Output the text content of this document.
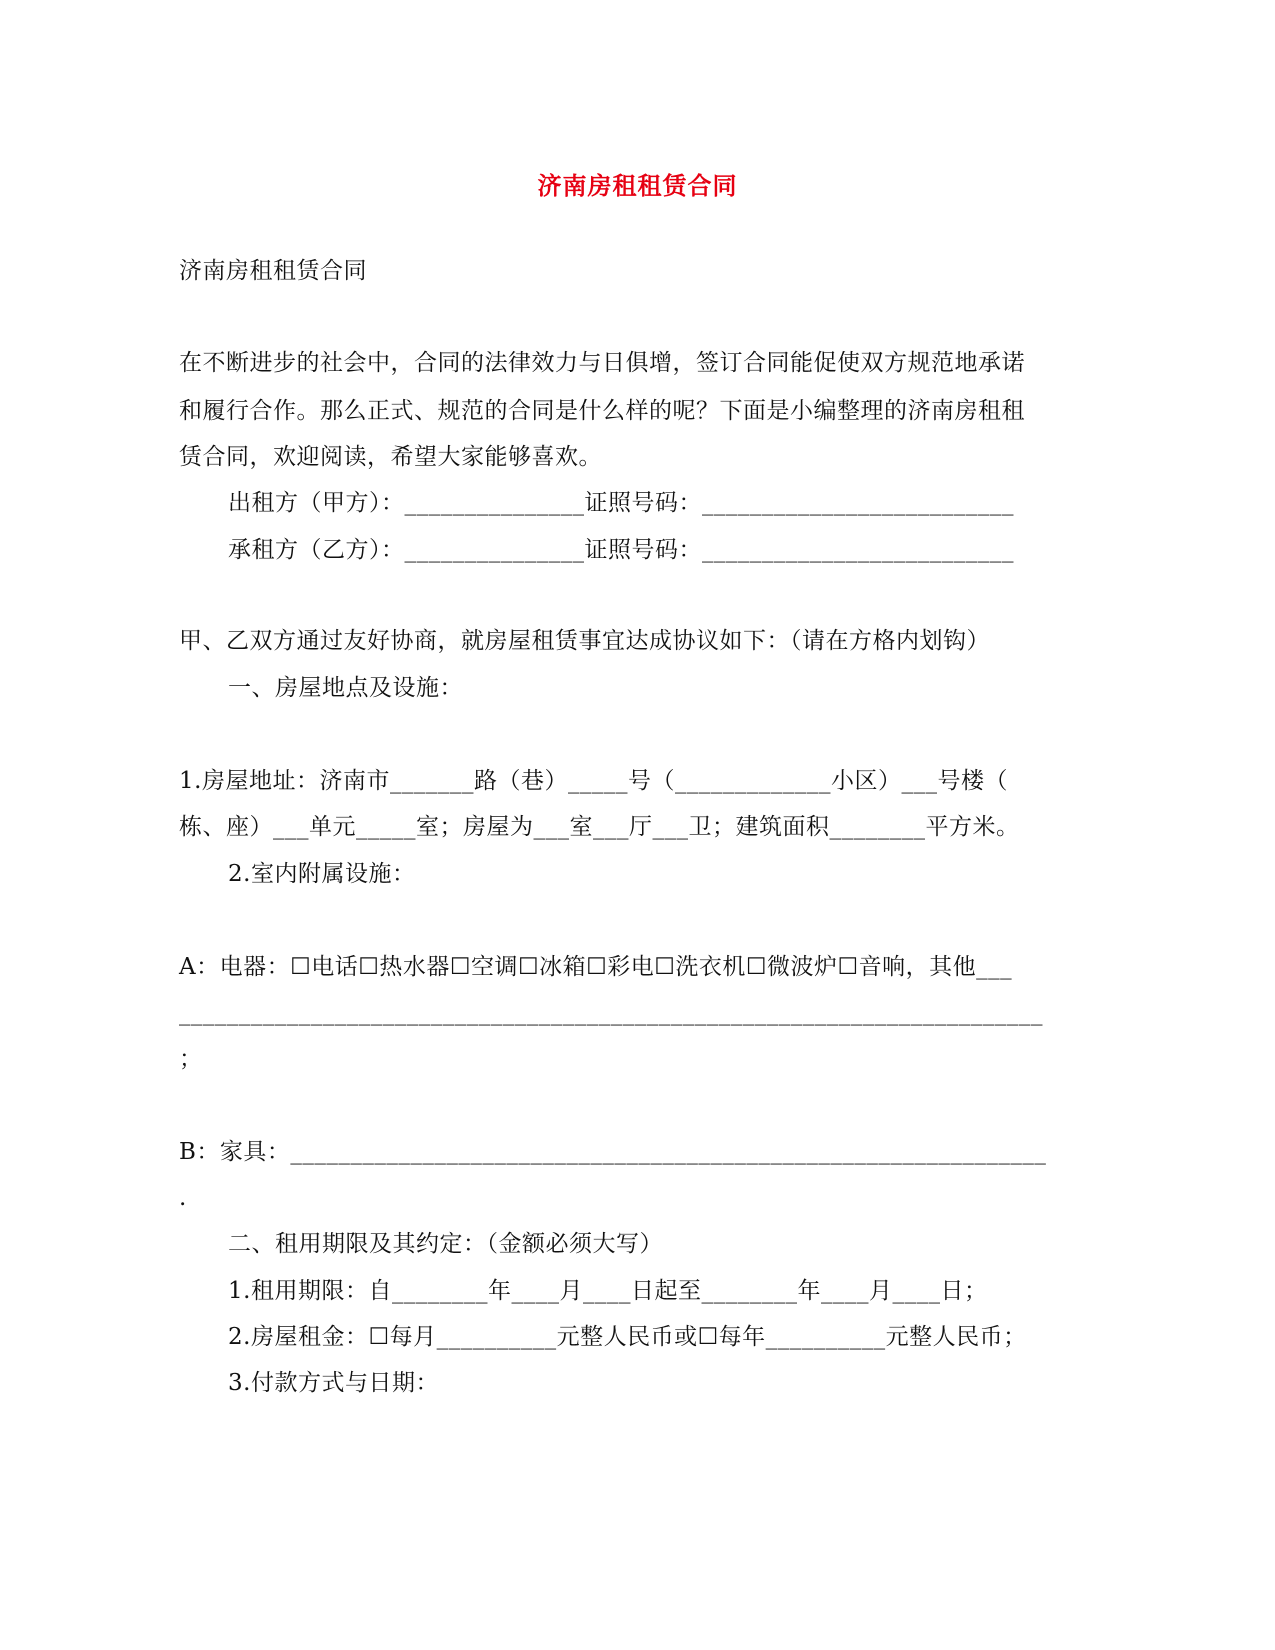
济南房租租赁合同
济南房租租赁合同
在不断进步的社会中，合同的法律效力与日俱增，签订合同能促使双方规范地承诺
和履行合作。那么正式、规范的合同是什么样的呢？下面是小编整理的济南房租租
赁合同，欢迎阅读，希望大家能够喜欢。
出租方（甲方）：_______________证照号码：__________________________
承租方（乙方）：_______________证照号码：__________________________
甲、乙双方通过友好协商，就房屋租赁事宜达成协议如下：（请在方格内划钩）
一、房屋地点及设施：
1.房屋地址：济南市_______路（巷）_____号（_____________小区）___号楼（
栋、座）___单元_____室；房屋为___室___厅___卫；建筑面积________平方米。
2.室内附属设施：
A：电器：☐电话☐热水器☐空调☐冰箱☐彩电☐洗衣机☐微波炉☐音响，其他___
________________________________________________________________________
；
B：家具：_______________________________________________________________
.
二、租用期限及其约定：（金额必须大写）
1.租用期限：自________年____月____日起至________年____月____日；
2.房屋租金：☐每月__________元整人民币或☐每年__________元整人民币；
3.付款方式与日期：
